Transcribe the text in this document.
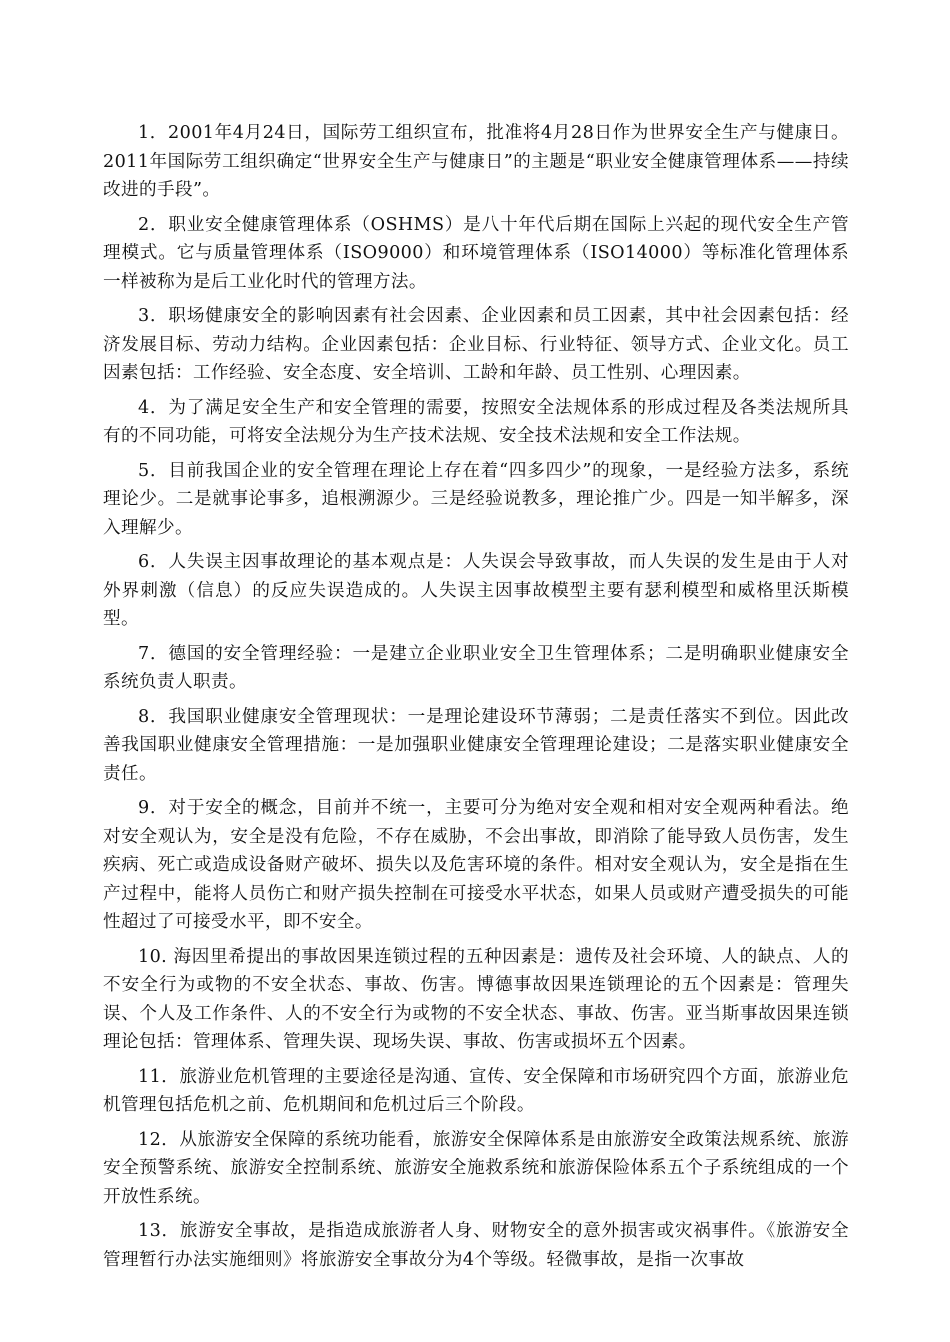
1．2001年4月24日，国际劳工组织宣布，批准将4月28日作为世界安全生产与健康日。2011年国际劳工组织确定“世界安全生产与健康日”的主题是“职业安全健康管理体系——持续改进的手段”。

2．职业安全健康管理体系（OSHMS）是八十年代后期在国际上兴起的现代安全生产管理模式。它与质量管理体系（ISO9000）和环境管理体系（ISO14000）等标准化管理体系一样被称为是后工业化时代的管理方法。

3．职场健康安全的影响因素有社会因素、企业因素和员工因素，其中社会因素包括：经济发展目标、劳动力结构。企业因素包括：企业目标、行业特征、领导方式、企业文化。员工因素包括：工作经验、安全态度、安全培训、工龄和年龄、员工性别、心理因素。

4．为了满足安全生产和安全管理的需要，按照安全法规体系的形成过程及各类法规所具有的不同功能，可将安全法规分为生产技术法规、安全技术法规和安全工作法规。

5．目前我国企业的安全管理在理论上存在着“四多四少”的现象，一是经验方法多，系统理论少。二是就事论事多，追根溯源少。三是经验说教多，理论推广少。四是一知半解多，深入理解少。

6．人失误主因事故理论的基本观点是：人失误会导致事故，而人失误的发生是由于人对外界刺激（信息）的反应失误造成的。人失误主因事故模型主要有瑟利模型和威格里沃斯模型。

7．德国的安全管理经验：一是建立企业职业安全卫生管理体系；二是明确职业健康安全系统负责人职责。

8．我国职业健康安全管理现状：一是理论建设环节薄弱；二是责任落实不到位。因此改善我国职业健康安全管理措施：一是加强职业健康安全管理理论建设；二是落实职业健康安全责任。

9．对于安全的概念，目前并不统一，主要可分为绝对安全观和相对安全观两种看法。绝对安全观认为，安全是没有危险，不存在威胁，不会出事故，即消除了能导致人员伤害，发生疾病、死亡或造成设备财产破坏、损失以及危害环境的条件。相对安全观认为，安全是指在生产过程中，能将人员伤亡和财产损失控制在可接受水平状态，如果人员或财产遭受损失的可能性超过了可接受水平，即不安全。

10. 海因里希提出的事故因果连锁过程的五种因素是：遗传及社会环境、人的缺点、人的不安全行为或物的不安全状态、事故、伤害。博德事故因果连锁理论的五个因素是：管理失误、个人及工作条件、人的不安全行为或物的不安全状态、事故、伤害。亚当斯事故因果连锁理论包括：管理体系、管理失误、现场失误、事故、伤害或损坏五个因素。

11．旅游业危机管理的主要途径是沟通、宣传、安全保障和市场研究四个方面，旅游业危机管理包括危机之前、危机期间和危机过后三个阶段。

12．从旅游安全保障的系统功能看，旅游安全保障体系是由旅游安全政策法规系统、旅游安全预警系统、旅游安全控制系统、旅游安全施救系统和旅游保险体系五个子系统组成的一个开放性系统。

13．旅游安全事故，是指造成旅游者人身、财物安全的意外损害或灾祸事件。《旅游安全管理暂行办法实施细则》将旅游安全事故分为4个等级。轻微事故，是指一次事故
